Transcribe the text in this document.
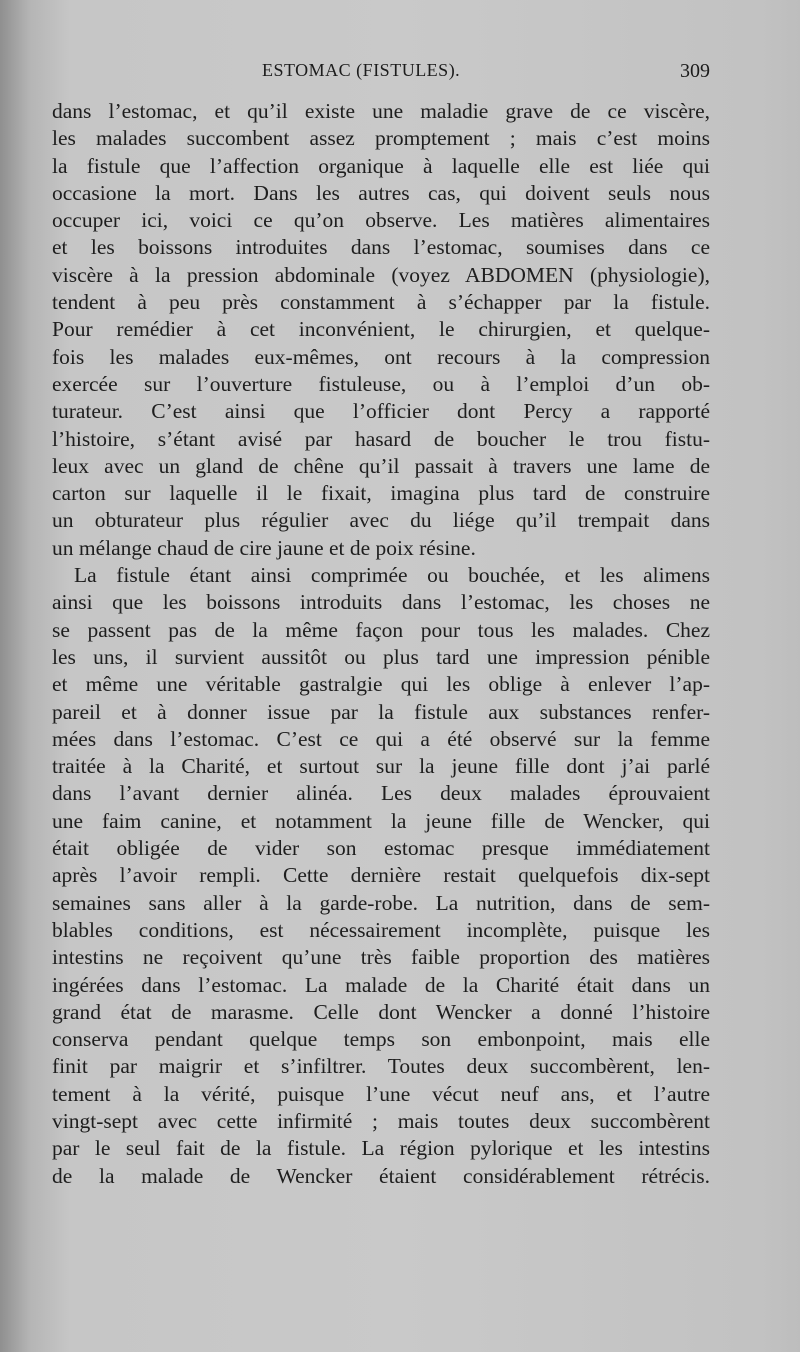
ESTOMAC (FISTULES).	309
dans l’estomac, et qu’il existe une maladie grave de ce viscère,
les malades succombent assez promptement ; mais c’est moins
la fistule que l’affection organique à laquelle elle est liée qui
occasione la mort. Dans les autres cas, qui doivent seuls nous
occuper ici, voici ce qu’on observe. Les matières alimentaires
et les boissons introduites dans l’estomac, soumises dans ce
viscère à la pression abdominale (voyez ABDOMEN (physiologie),
tendent à peu près constamment à s’échapper par la fistule.
Pour remédier à cet inconvénient, le chirurgien, et quelque-
fois les malades eux-mêmes, ont recours à la compression
exercée sur l’ouverture fistuleuse, ou à l’emploi d’un ob-
turateur. C’est ainsi que l’officier dont Percy a rapporté
l’histoire, s’étant avisé par hasard de boucher le trou fistu-
leux avec un gland de chêne qu’il passait à travers une lame de
carton sur laquelle il le fixait, imagina plus tard de construire
un obturateur plus régulier avec du liége qu’il trempait dans
un mélange chaud de cire jaune et de poix résine.
La fistule étant ainsi comprimée ou bouchée, et les alimens
ainsi que les boissons introduits dans l’estomac, les choses ne
se passent pas de la même façon pour tous les malades. Chez
les uns, il survient aussitôt ou plus tard une impression pénible
et même une véritable gastralgie qui les oblige à enlever l’ap-
pareil et à donner issue par la fistule aux substances renfer-
mées dans l’estomac. C’est ce qui a été observé sur la femme
traitée à la Charité, et surtout sur la jeune fille dont j’ai parlé
dans l’avant dernier alinéa. Les deux malades éprouvaient
une faim canine, et notamment la jeune fille de Wencker, qui
était obligée de vider son estomac presque immédiatement
après l’avoir rempli. Cette dernière restait quelquefois dix-sept
semaines sans aller à la garde-robe. La nutrition, dans de sem-
blables conditions, est nécessairement incomplète, puisque les
intestins ne reçoivent qu’une très faible proportion des matières
ingérées dans l’estomac. La malade de la Charité était dans un
grand état de marasme. Celle dont Wencker a donné l’histoire
conserva pendant quelque temps son embonpoint, mais elle
finit par maigrir et s’infiltrer. Toutes deux succombèrent, len-
tement à la vérité, puisque l’une vécut neuf ans, et l’autre
vingt-sept avec cette infirmité ; mais toutes deux succombèrent
par le seul fait de la fistule. La région pylorique et les intestins
de la malade de Wencker étaient considérablement rétrécis.
